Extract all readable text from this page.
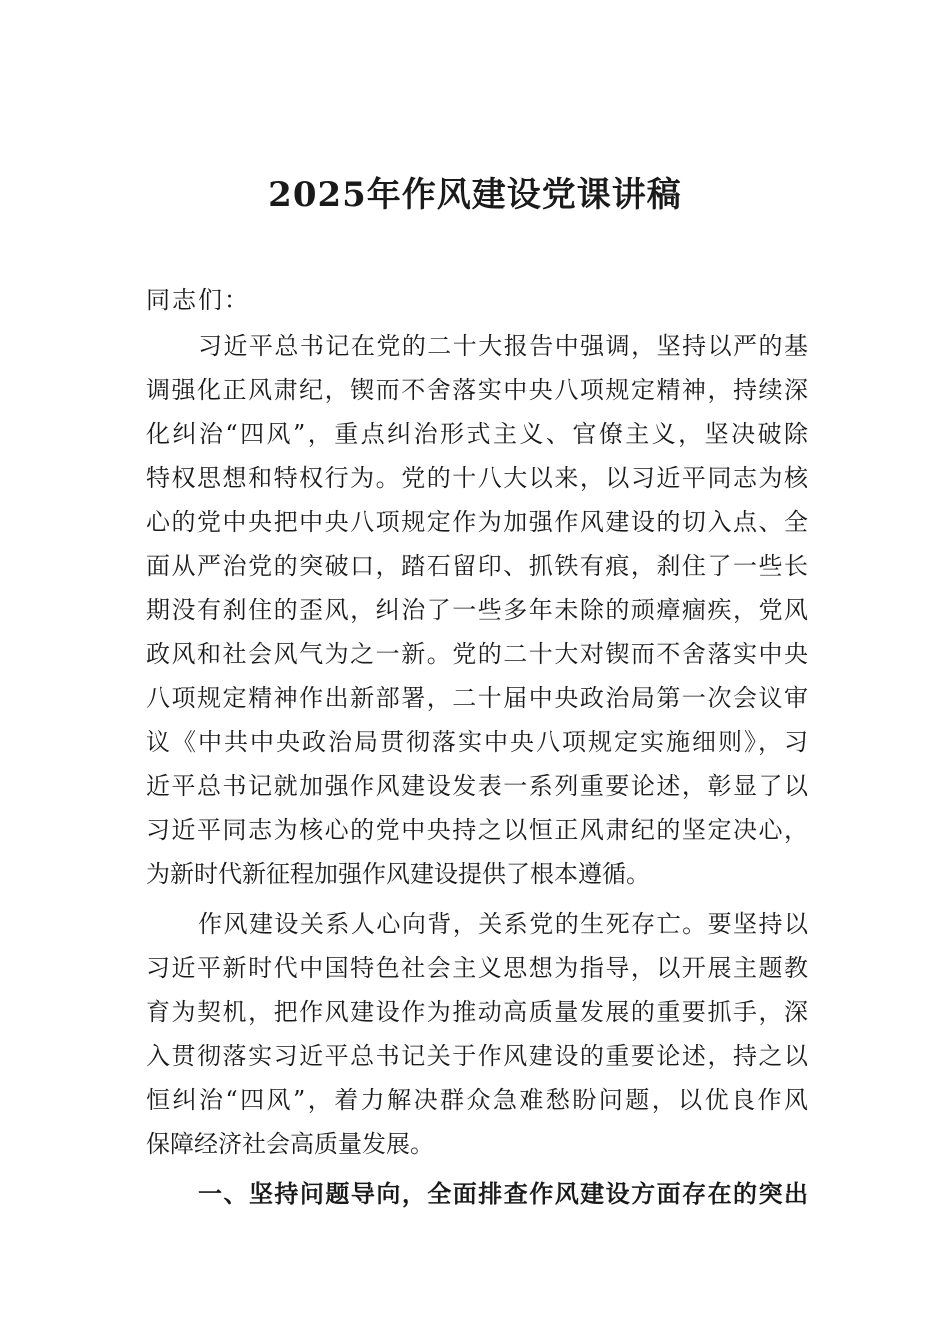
2025年作风建设党课讲稿
同志们：
习近平总书记在党的二十大报告中强调，坚持以严的基
调强化正风肃纪，锲而不舍落实中央八项规定精神，持续深
化纠治“四风”，重点纠治形式主义、官僚主义，坚决破除
特权思想和特权行为。党的十八大以来，以习近平同志为核
心的党中央把中央八项规定作为加强作风建设的切入点、全
面从严治党的突破口，踏石留印、抓铁有痕，刹住了一些长
期没有刹住的歪风，纠治了一些多年未除的顽瘴痼疾，党风
政风和社会风气为之一新。党的二十大对锲而不舍落实中央
八项规定精神作出新部署，二十届中央政治局第一次会议审
议《中共中央政治局贯彻落实中央八项规定实施细则》，习
近平总书记就加强作风建设发表一系列重要论述，彰显了以
习近平同志为核心的党中央持之以恒正风肃纪的坚定决心，
为新时代新征程加强作风建设提供了根本遵循。
作风建设关系人心向背，关系党的生死存亡。要坚持以
习近平新时代中国特色社会主义思想为指导，以开展主题教
育为契机，把作风建设作为推动高质量发展的重要抓手，深
入贯彻落实习近平总书记关于作风建设的重要论述，持之以
恒纠治“四风”，着力解决群众急难愁盼问题，以优良作风
保障经济社会高质量发展。
一、坚持问题导向，全面排查作风建设方面存在的突出
